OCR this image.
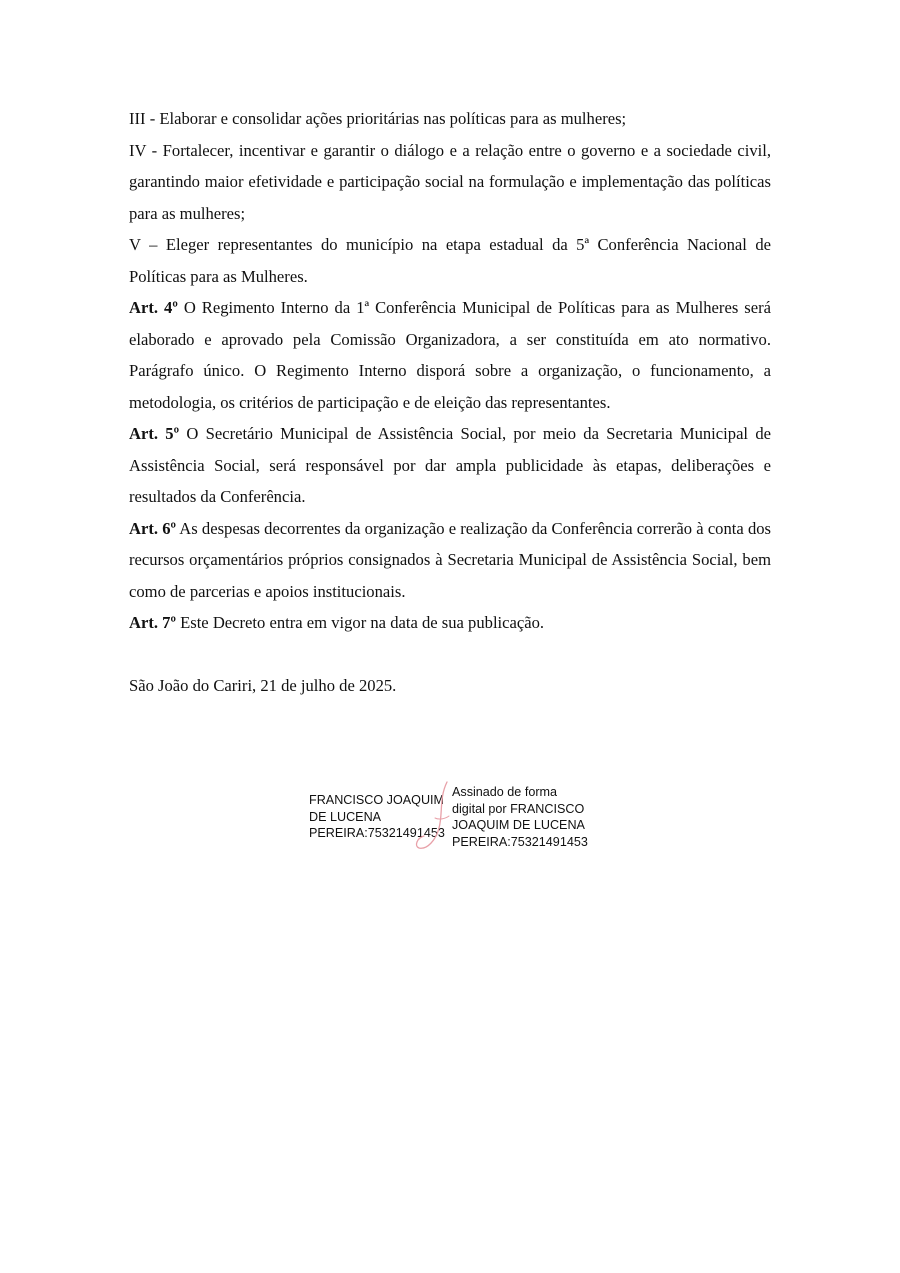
III - Elaborar e consolidar ações prioritárias nas políticas para as mulheres;

IV - Fortalecer, incentivar e garantir o diálogo e a relação entre o governo e a sociedade civil, garantindo maior efetividade e participação social na formulação e implementação das políticas para as mulheres;

V – Eleger representantes do município na etapa estadual da 5ª Conferência Nacional de Políticas para as Mulheres.

Art. 4º O Regimento Interno da 1ª Conferência Municipal de Políticas para as Mulheres será elaborado e aprovado pela Comissão Organizadora, a ser constituída em ato normativo. Parágrafo único. O Regimento Interno disporá sobre a organização, o funcionamento, a metodologia, os critérios de participação e de eleição das representantes.

Art. 5º O Secretário Municipal de Assistência Social, por meio da Secretaria Municipal de Assistência Social, será responsável por dar ampla publicidade às etapas, deliberações e resultados da Conferência.

Art. 6º As despesas decorrentes da organização e realização da Conferência correrão à conta dos recursos orçamentários próprios consignados à Secretaria Municipal de Assistência Social, bem como de parcerias e apoios institucionais.

Art. 7º Este Decreto entra em vigor na data de sua publicação.

São João do Cariri, 21 de julho de 2025.

FRANCISCO JOAQUIM
DE LUCENA
PEREIRA:75321491453
Assinado de forma
digital por FRANCISCO
JOAQUIM DE LUCENA
PEREIRA:75321491453
